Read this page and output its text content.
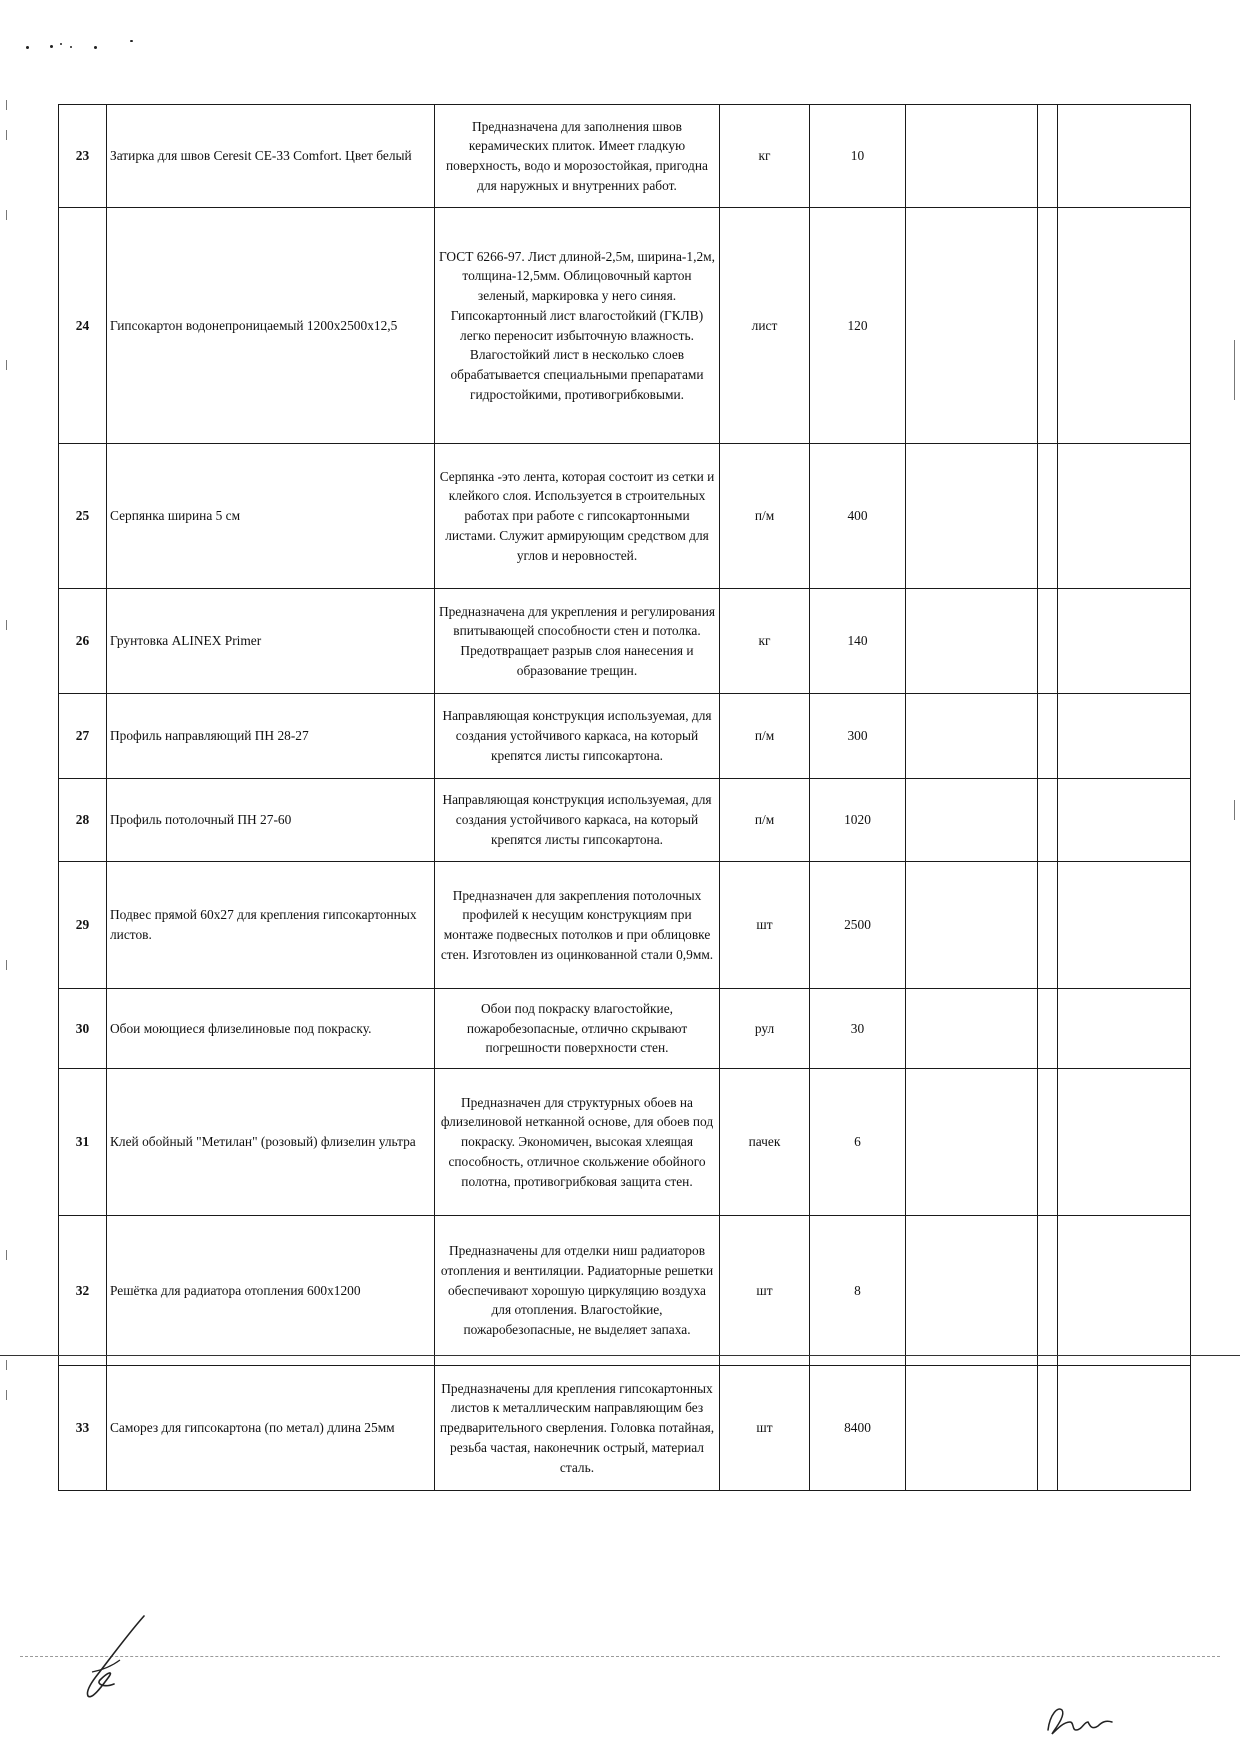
23	Затирка для швов Ceresit CE-33 Comfort. Цвет белый	Предназначена для заполнения швов керамических плиток. Имеет гладкую поверхность, водо и морозостойкая, пригодна для наружных и внутренних работ.	кг	10			
24	Гипсокартон водонепроницаемый 1200х2500х12,5	ГОСТ 6266-97. Лист длиной-2,5м, ширина-1,2м, толщина-12,5мм. Облицовочный картон зеленый, маркировка у него синяя. Гипсокартонный лист влагостойкий (ГКЛВ) легко переносит избыточную влажность. Влагостойкий лист в несколько слоев обрабатывается специальными препаратами гидростойкими, противогрибковыми.	лист	120			
25	Серпянка ширина 5 см	Серпянка -это лента, которая состоит из сетки и клейкого слоя. Используется в строительных работах при работе с гипсокартонными листами. Служит армирующим средством для углов и неровностей.	п/м	400			
26	Грунтовка ALINEX Primer	Предназначена для укрепления и регулирования впитывающей способности стен и потолка. Предотвращает разрыв слоя нанесения и образование трещин.	кг	140			
27	Профиль направляющий ПН 28-27	Направляющая конструкция используемая, для создания устойчивого каркаса, на который крепятся листы гипсокартона.	п/м	300			
28	Профиль потолочный ПН 27-60	Направляющая конструкция используемая, для создания устойчивого каркаса, на который крепятся листы гипсокартона.	п/м	1020			
29	Подвес прямой 60х27 для крепления гипсокартонных листов.	Предназначен для закрепления потолочных профилей к несущим конструкциям при монтаже подвесных потолков и при облицовке стен. Изготовлен из оцинкованной стали 0,9мм.	шт	2500			
30	Обои моющиеся флизелиновые под покраску.	Обои под покраску влагостойкие, пожаробезопасные, отлично скрывают погрешности поверхности стен.	рул	30			
31	Клей обойный "Метилан" (розовый) флизелин ультра	Предназначен для структурных обоев на флизелиновой нетканной основе, для обоев под покраску. Экономичен, высокая хлеящая способность, отличное скольжение обойного полотна, противогрибковая защита стен.	пачек	6			
32	Решётка для радиатора отопления 600х1200	Предназначены для отделки ниш радиаторов отопления и вентиляции. Радиаторные решетки обеспечивают хорошую циркуляцию воздуха для отопления. Влагостойкие, пожаробезопасные, не выделяет запаха.	шт	8			
33	Саморез для гипсокартона (по метал) длина 25мм	Предназначены для крепления гипсокартонных листов к металлическим направляющим без предварительного сверления. Головка потайная, резьба частая, наконечник острый, материал сталь.	шт	8400			
